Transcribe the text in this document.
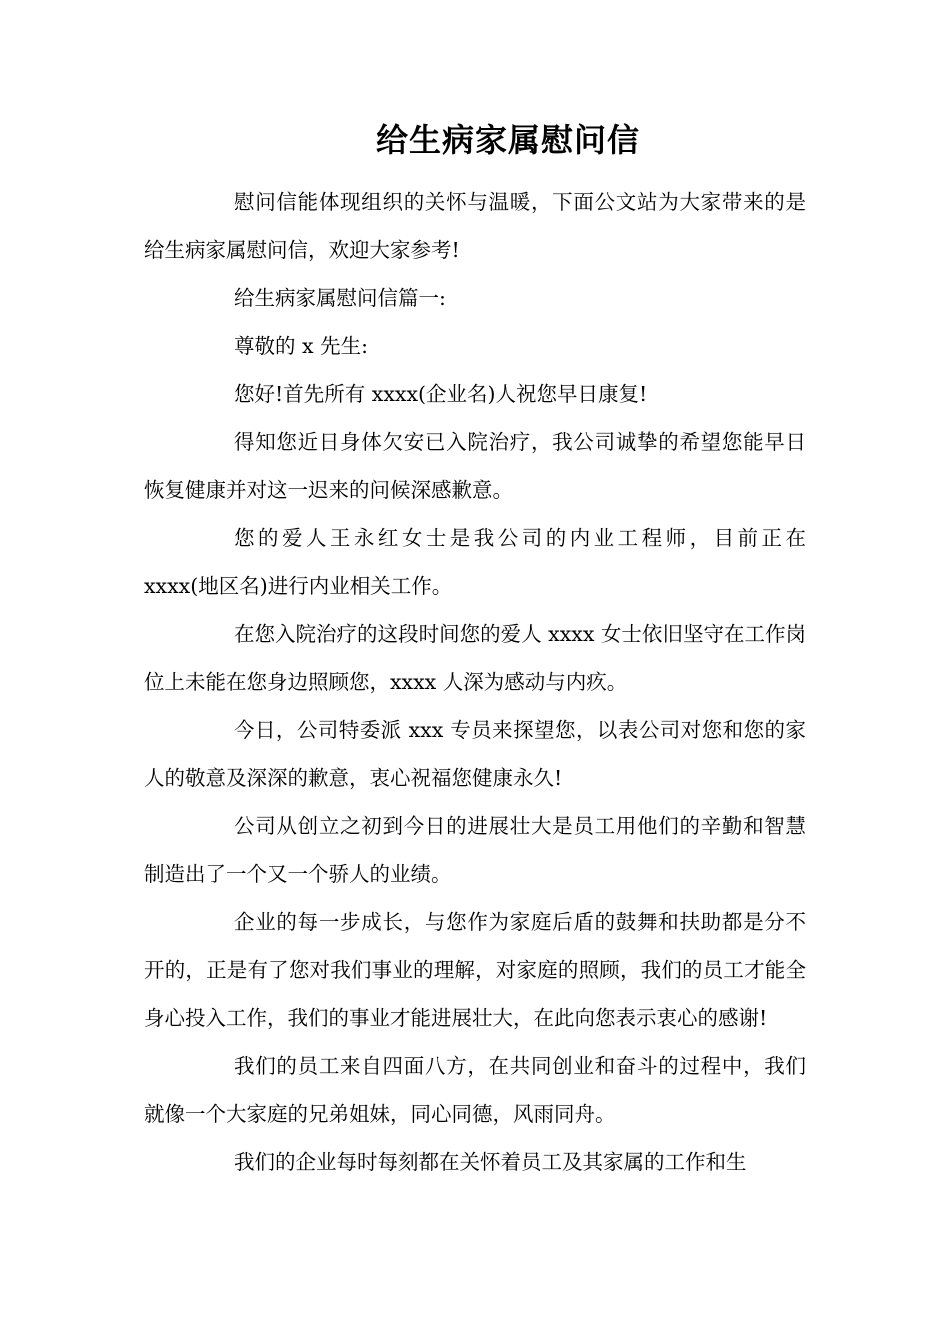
给生病家属慰问信

慰问信能体现组织的关怀与温暖，下面公文站为大家带来的是给生病家属慰问信，欢迎大家参考!

给生病家属慰问信篇一:

尊敬的 x 先生:

您好!首先所有 xxxx(企业名)人祝您早日康复!

得知您近日身体欠安已入院治疗，我公司诚挚的希望您能早日恢复健康并对这一迟来的问候深感歉意。

您的爱人王永红女士是我公司的内业工程师，目前正在 xxxx(地区名)进行内业相关工作。

在您入院治疗的这段时间您的爱人 xxxx 女士依旧坚守在工作岗位上未能在您身边照顾您，xxxx 人深为感动与内疚。

今日，公司特委派 xxx 专员来探望您，以表公司对您和您的家人的敬意及深深的歉意，衷心祝福您健康永久!

公司从创立之初到今日的进展壮大是员工用他们的辛勤和智慧制造出了一个又一个骄人的业绩。

企业的每一步成长，与您作为家庭后盾的鼓舞和扶助都是分不开的，正是有了您对我们事业的理解，对家庭的照顾，我们的员工才能全身心投入工作，我们的事业才能进展壮大，在此向您表示衷心的感谢!

我们的员工来自四面八方，在共同创业和奋斗的过程中，我们就像一个大家庭的兄弟姐妹，同心同德，风雨同舟。

我们的企业每时每刻都在关怀着员工及其家属的工作和生
